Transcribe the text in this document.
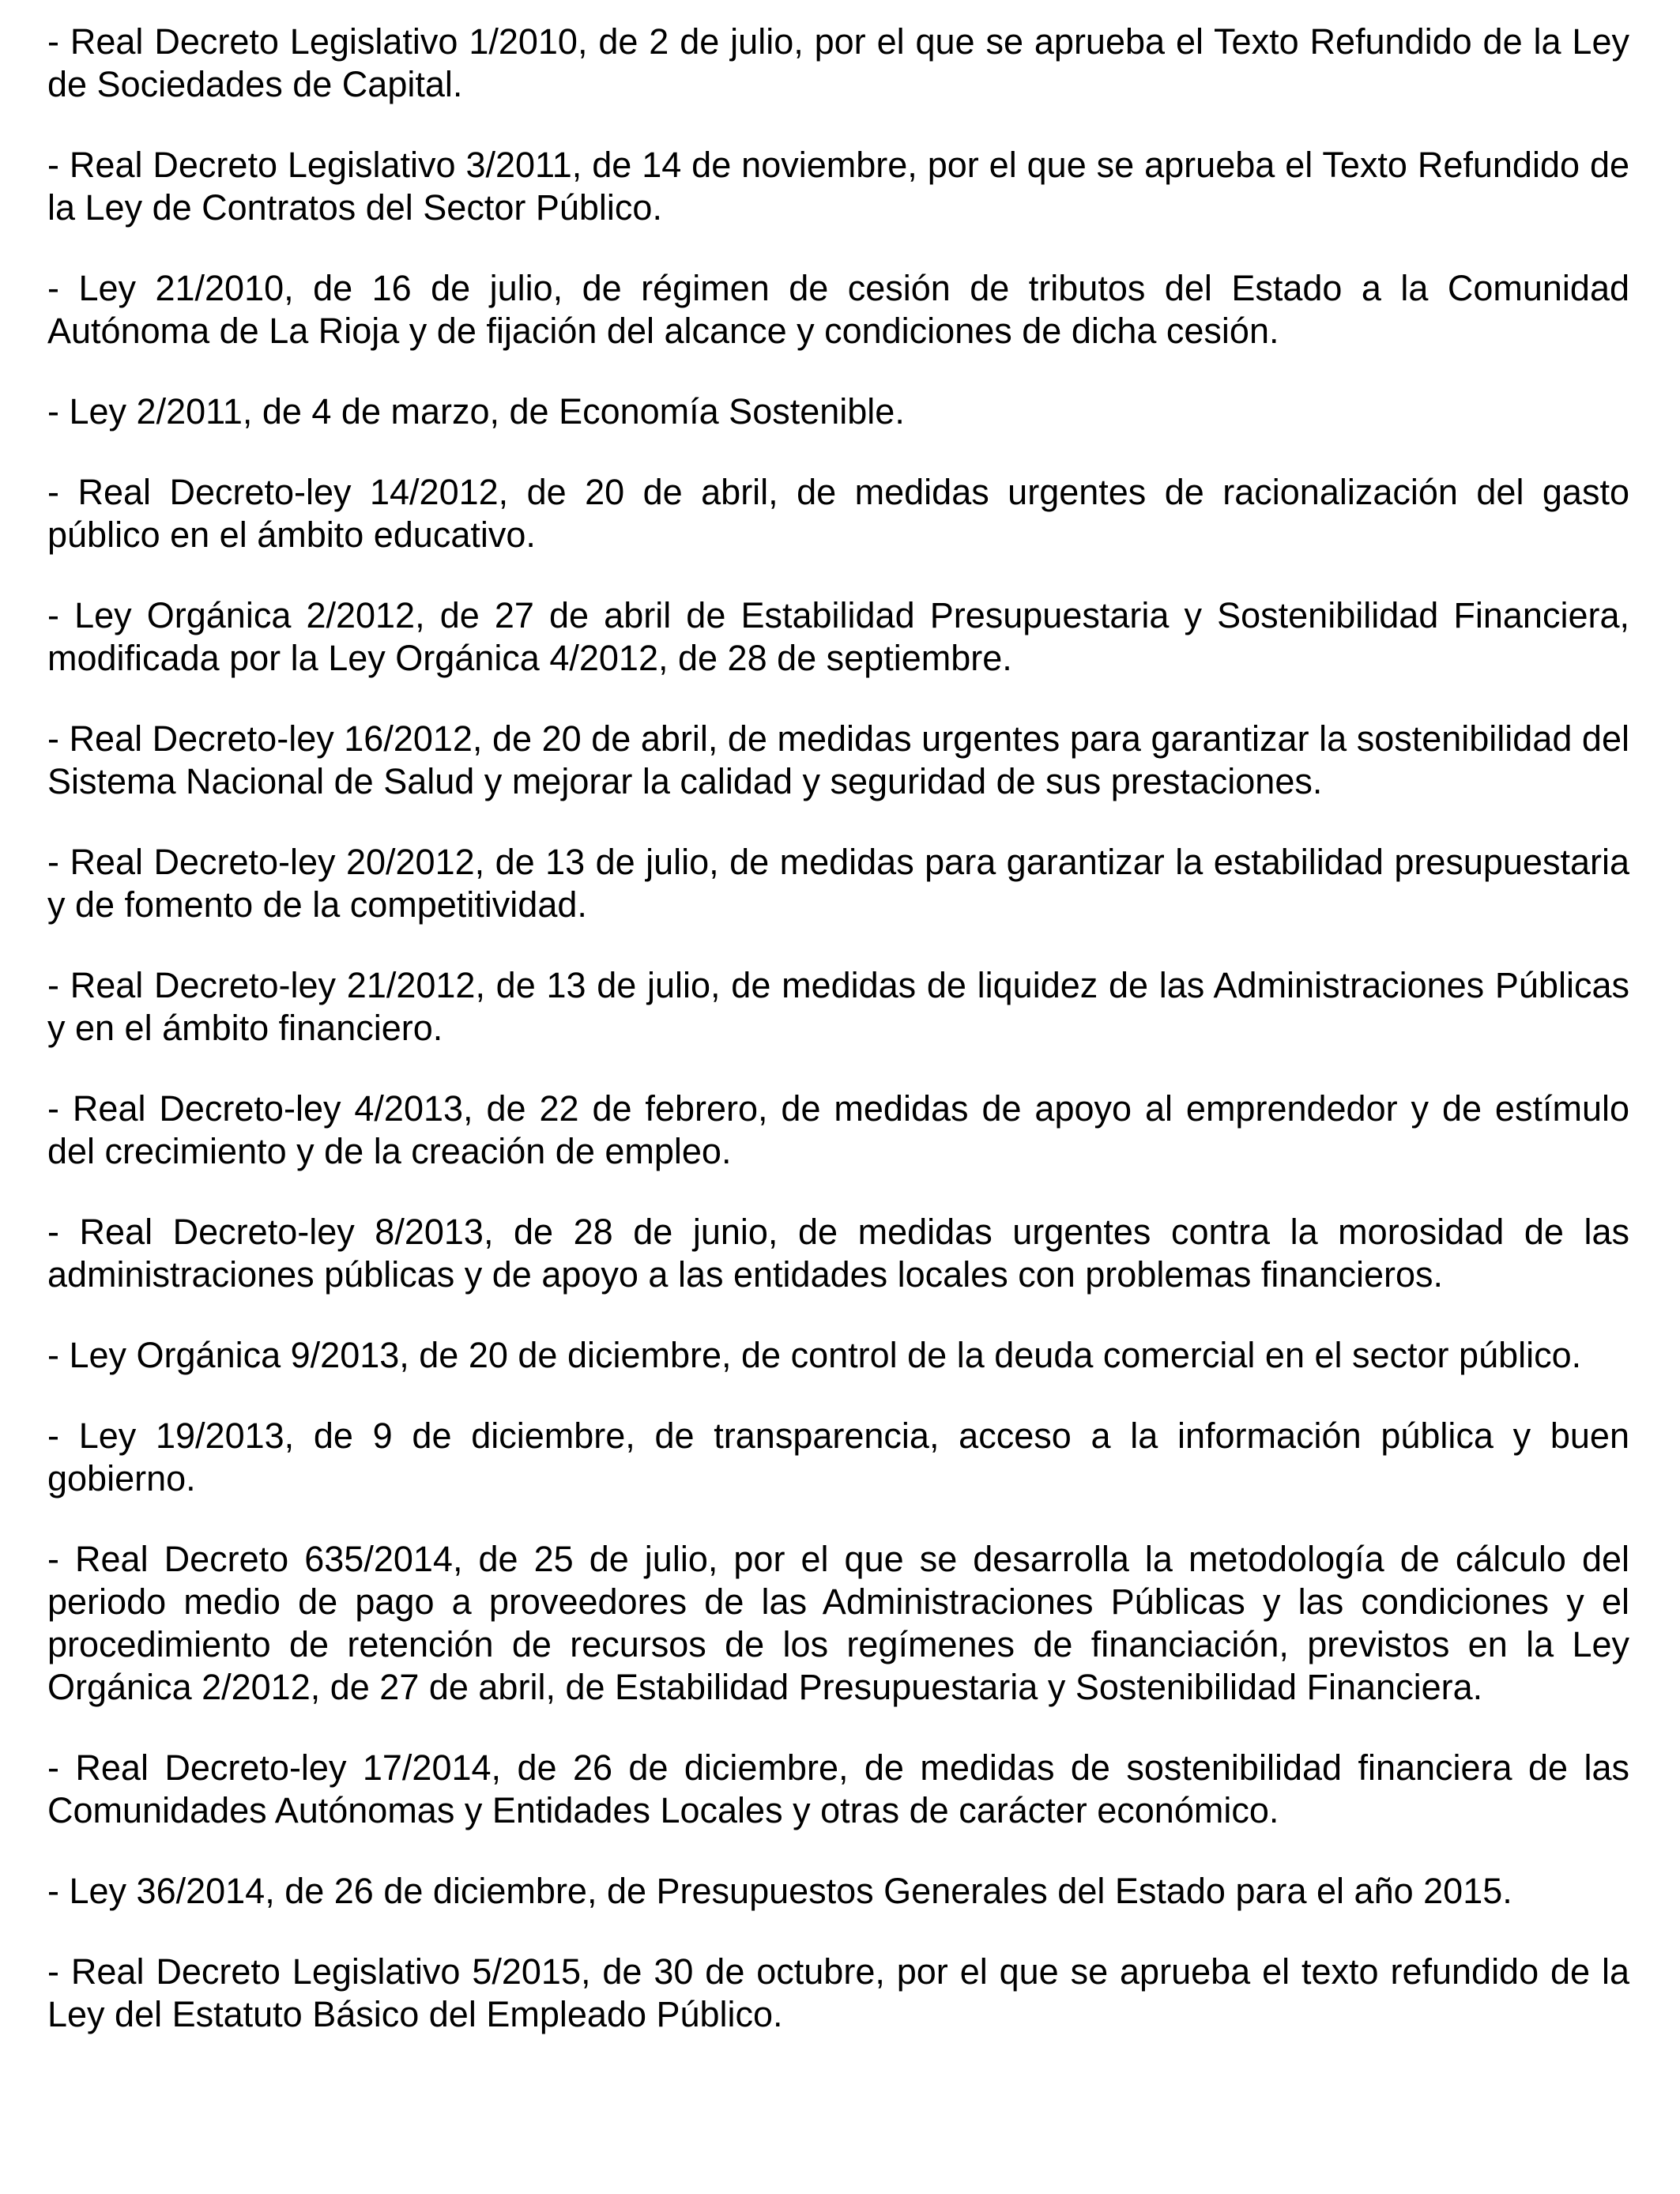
- Real Decreto Legislativo 1/2010, de 2 de julio, por el que se aprueba el Texto Refundido de la Ley de Sociedades de Capital.

- Real Decreto Legislativo 3/2011, de 14 de noviembre, por el que se aprueba el Texto Refundido de la Ley de Contratos del Sector Público.

- Ley 21/2010, de 16 de julio, de régimen de cesión de tributos del Estado a la Comunidad Autónoma de La Rioja y de fijación del alcance y condiciones de dicha cesión.

- Ley 2/2011, de 4 de marzo, de Economía Sostenible.

- Real Decreto-ley 14/2012, de 20 de abril, de medidas urgentes de racionalización del gasto público en el ámbito educativo.

- Ley Orgánica 2/2012, de 27 de abril de Estabilidad Presupuestaria y Sostenibilidad Financiera, modificada por la Ley Orgánica 4/2012, de 28 de septiembre.

- Real Decreto-ley 16/2012, de 20 de abril, de medidas urgentes para garantizar la sostenibilidad del Sistema Nacional de Salud y mejorar la calidad y seguridad de sus prestaciones.

- Real Decreto-ley 20/2012, de 13 de julio, de medidas para garantizar la estabilidad presupuestaria y de fomento de la competitividad.

- Real Decreto-ley 21/2012, de 13 de julio, de medidas de liquidez de las Administraciones Públicas y en el ámbito financiero.

- Real Decreto-ley 4/2013, de 22 de febrero, de medidas de apoyo al emprendedor y de estímulo del crecimiento y de la creación de empleo.

- Real Decreto-ley 8/2013, de 28 de junio, de medidas urgentes contra la morosidad de las administraciones públicas y de apoyo a las entidades locales con problemas financieros.

- Ley Orgánica 9/2013, de 20 de diciembre, de control de la deuda comercial en el sector público.

- Ley 19/2013, de 9 de diciembre, de transparencia, acceso a la información pública y buen gobierno.

- Real Decreto 635/2014, de 25 de julio, por el que se desarrolla la metodología de cálculo del periodo medio de pago a proveedores de las Administraciones Públicas y las condiciones y el procedimiento de retención de recursos de los regímenes de financiación, previstos en la Ley Orgánica 2/2012, de 27 de abril, de Estabilidad Presupuestaria y Sostenibilidad Financiera.

- Real Decreto-ley 17/2014, de 26 de diciembre, de medidas de sostenibilidad financiera de las Comunidades Autónomas y Entidades Locales y otras de carácter económico.

- Ley 36/2014, de 26 de diciembre, de Presupuestos Generales del Estado para el año 2015.

- Real Decreto Legislativo 5/2015, de 30 de octubre, por el que se aprueba el texto refundido de la Ley del Estatuto Básico del Empleado Público.
